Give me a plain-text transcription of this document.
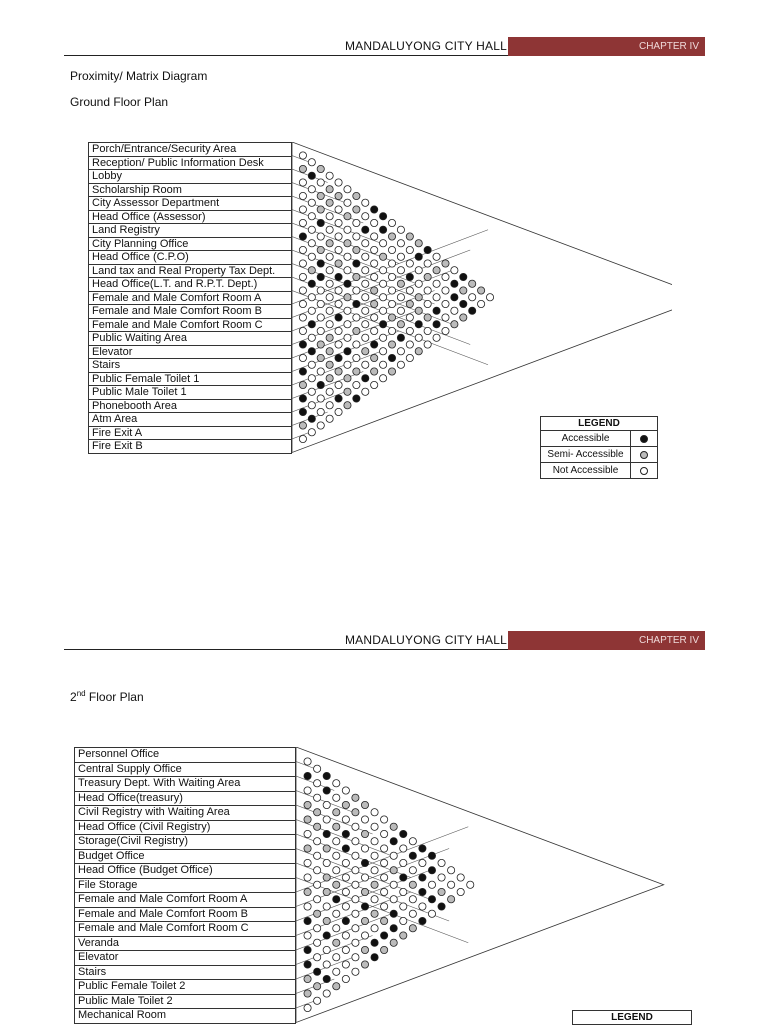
MANDALUYONG CITY HALL	CHAPTER IV
Proximity/ Matrix Diagram
Ground Floor Plan
Porch/Entrance/Security Area
Reception/ Public Information Desk
Lobby
Scholarship Room
City Assessor Department
Head Office (Assessor)
Land Registry
City Planning Office
Head Office (C.P.O)
Land tax and Real Property Tax Dept.
Head Office(L.T. and R.P.T. Dept.)
Female and Male Comfort Room A
Female and Male Comfort Room B
Female and Male Comfort Room C
Public Waiting Area
Elevator
Stairs
Public Female Toilet 1
Public Male Toilet 1
Phonebooth Area
Atm Area
Fire Exit A
Fire Exit B
LEGEND
Accessible
Semi- Accessible
Not Accessible
MANDALUYONG CITY HALL	CHAPTER IV
2nd Floor Plan
Personnel Office
Central Supply Office
Treasury Dept. With Waiting Area
Head Office(treasury)
Civil Registry with Waiting Area
Head Office (Civil Registry)
Storage(Civil Registry)
Budget Office
Head Office (Budget Office)
File Storage
Female and Male Comfort Room A
Female and Male Comfort Room B
Female and Male Comfort Room C
Veranda
Elevator
Stairs
Public Female Toilet 2
Public Male Toilet 2
Mechanical Room	LEGEND
